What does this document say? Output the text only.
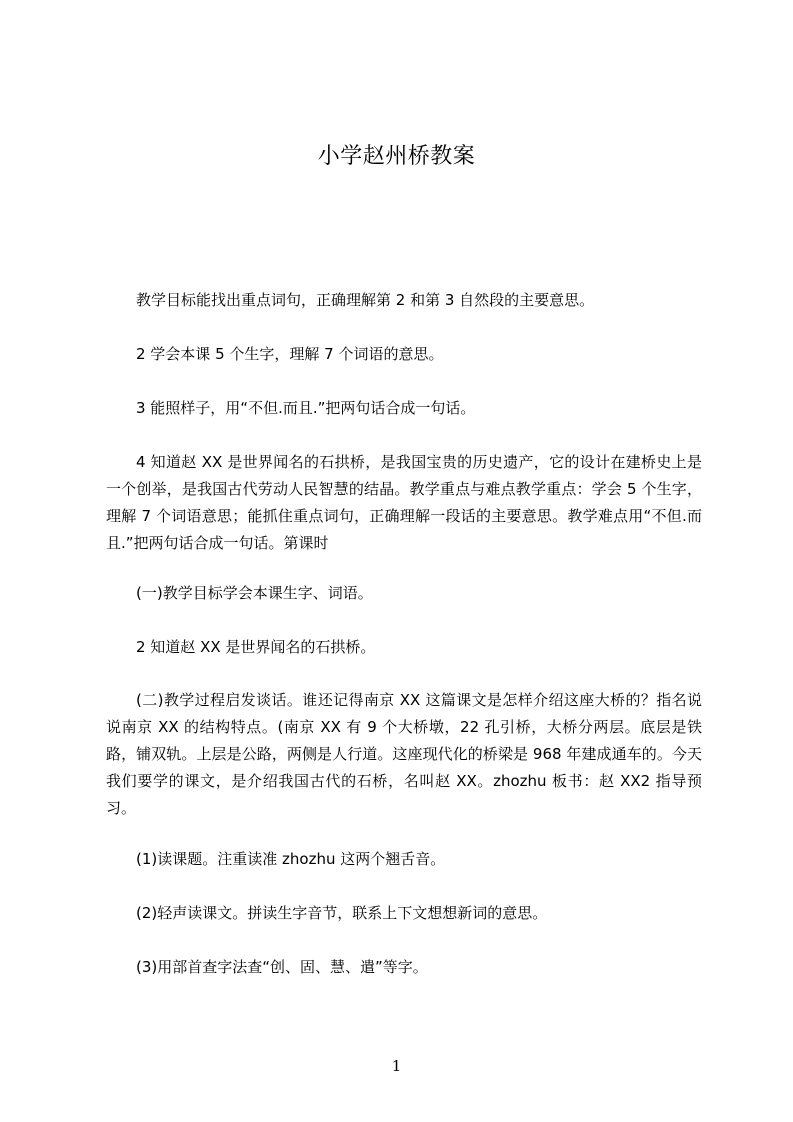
小学赵州桥教案

教学目标能找出重点词句，正确理解第 2 和第 3 自然段的主要意思。

2 学会本课 5 个生字，理解 7 个词语的意思。

3 能照样子，用“不但.而且.”把两句话合成一句话。

4 知道赵 XX 是世界闻名的石拱桥，是我国宝贵的历史遗产，它的设计在建桥史上是一个创举，是我国古代劳动人民智慧的结晶。教学重点与难点教学重点：学会 5 个生字，理解 7 个词语意思；能抓住重点词句，正确理解一段话的主要意思。教学难点用“不但.而且.”把两句话合成一句话。第课时

(一)教学目标学会本课生字、词语。

2 知道赵 XX 是世界闻名的石拱桥。

(二)教学过程启发谈话。谁还记得南京 XX 这篇课文是怎样介绍这座大桥的？指名说说南京 XX 的结构特点。(南京 XX 有 9 个大桥墩，22 孔引桥，大桥分两层。底层是铁路，铺双轨。上层是公路，两侧是人行道。这座现代化的桥梁是 968 年建成通车的。今天我们要学的课文，是介绍我国古代的石桥，名叫赵 XX。zhozhu 板书：赵 XX2 指导预习。

(1)读课题。注重读准 zhozhu 这两个翘舌音。

(2)轻声读课文。拼读生字音节，联系上下文想想新词的意思。

(3)用部首查字法查“创、固、慧、遣”等字。

1
